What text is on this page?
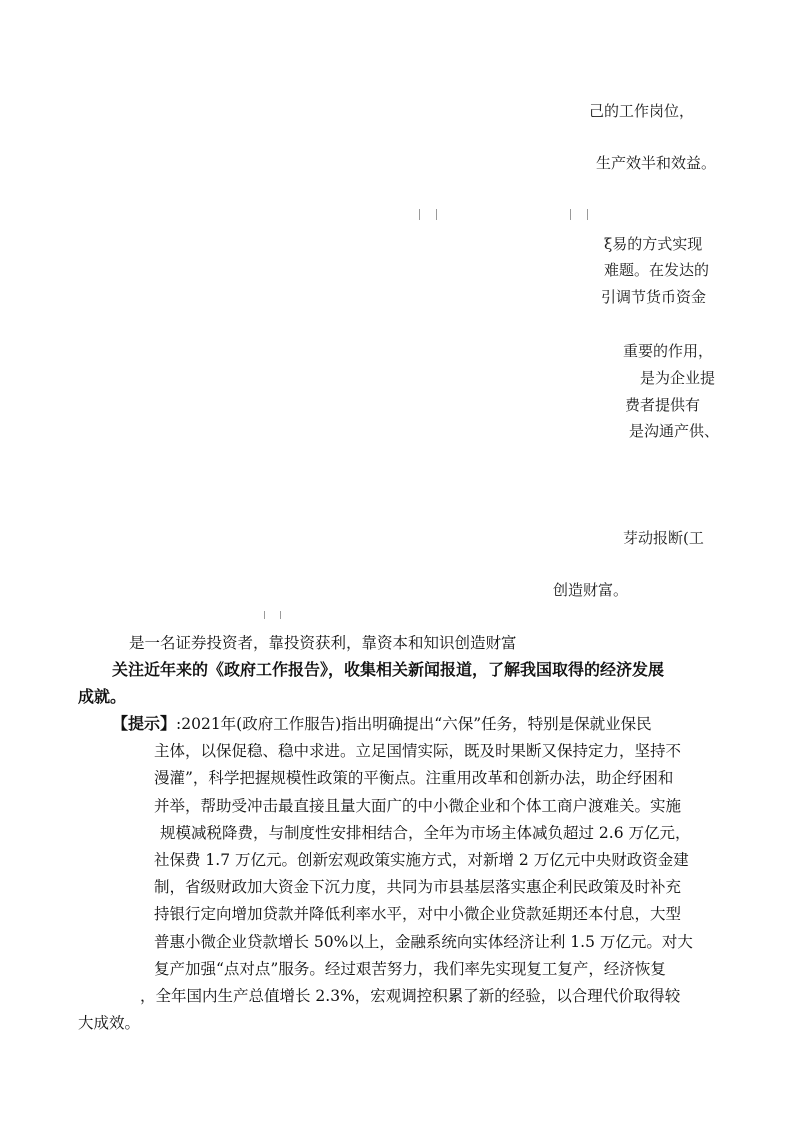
己的工作岗位，
生产效半和效益。
ξ易的方式实现
难题。在发达的
引调节货币资金
重要的作用，
是为企业提
费者提供有
是沟通产供、
芽动报断(工
创造财富。
是一名证券投资者，靠投资获利，靠资本和知识创造财富
关注近年来的《政府工作报告》，收集相关新闻报道，了解我国取得的经济发展
成就。
【提示】:2021年(政府工作服告)指出明确提出“六保”任务，特别是保就业保民
主体，以保促稳、稳中求进。立足国情实际，既及时果断又保持定力，坚持不
漫灌”，科学把握规模性政策的平衡点。注重用改革和创新办法，助企纾困和
并举，帮助受冲击最直接且量大面广的中小微企业和个体工商户渡难关。实施
规模减税降费，与制度性安排相结合，全年为市场主体减负超过 2.6 万亿元，
社保费 1.7 万亿元。创新宏观政策实施方式，对新增 2 万亿元中央财政资金建
制，省级财政加大资金下沉力度，共同为市县基层落实惠企利民政策及时补充
持银行定向增加贷款并降低利率水平，对中小微企业贷款延期还本付息，大型
普惠小微企业贷款增长 50%以上，金融系统向实体经济让利 1.5 万亿元。对大
复产加强“点对点”服务。经过艰苦努力，我们率先实现复工复产，经济恢复
，全年国内生产总值增长 2.3%，宏观调控积累了新的经验，以合理代价取得较
大成效。
